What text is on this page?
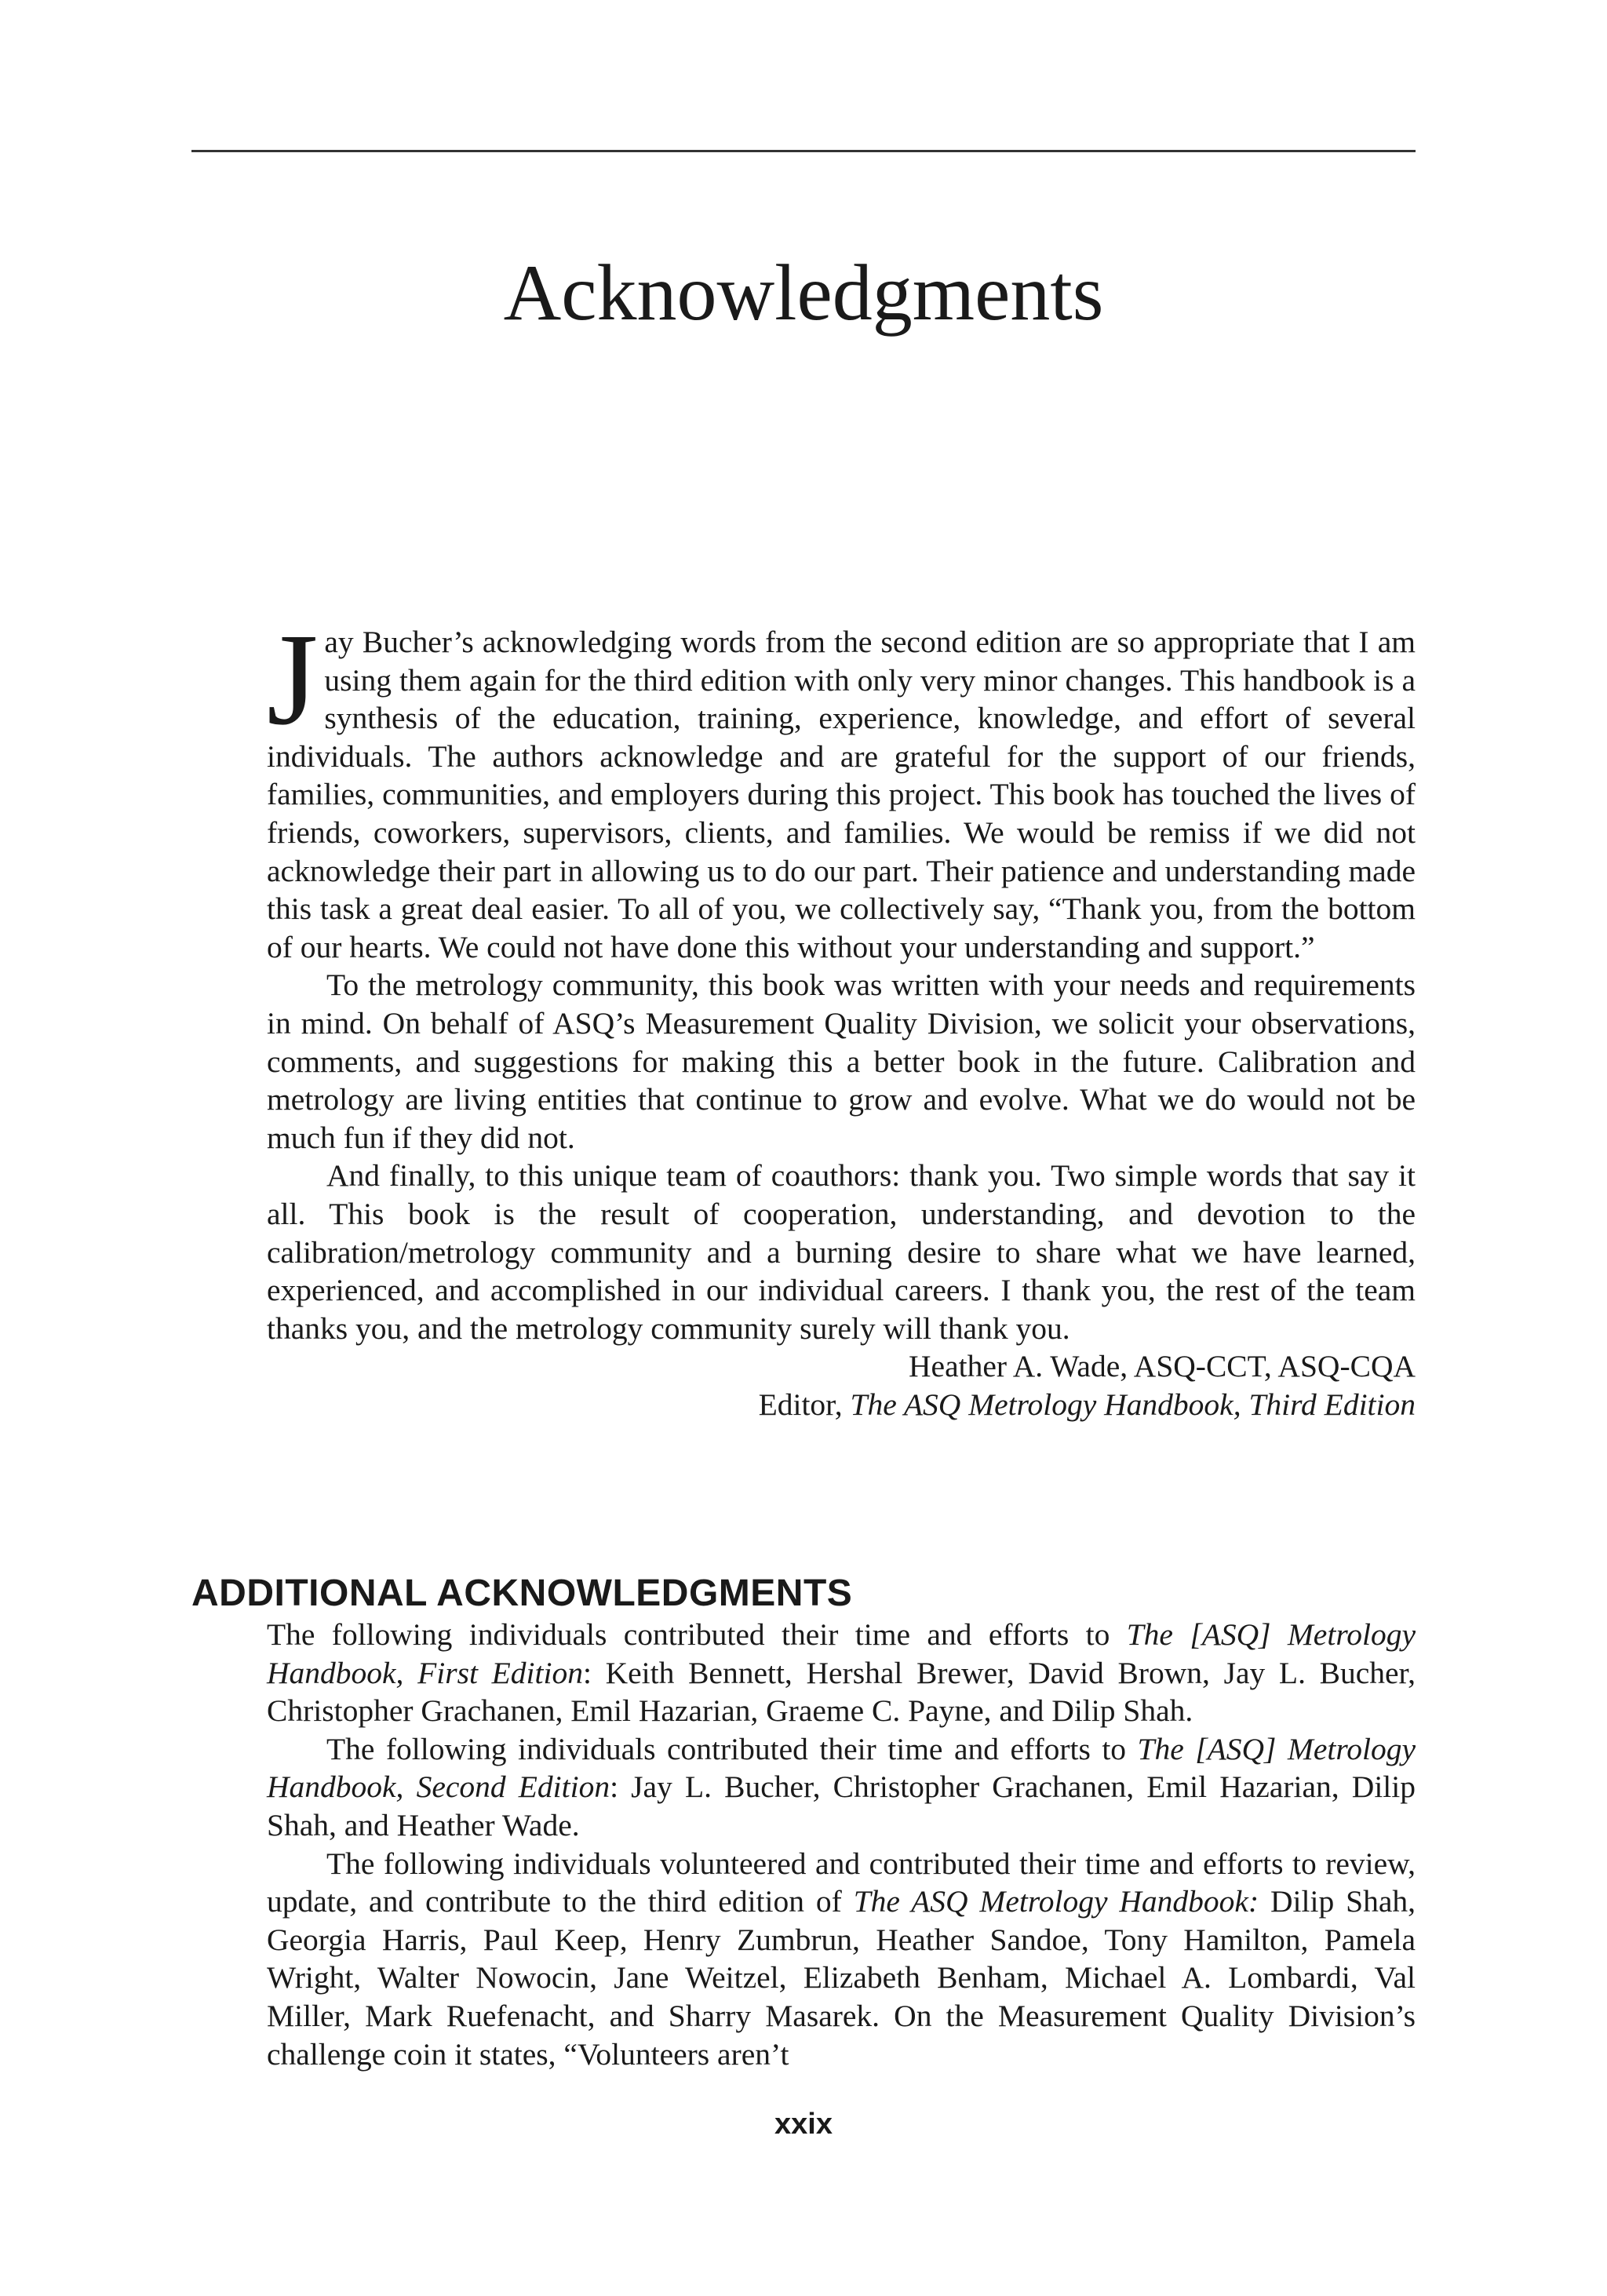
Acknowledgments

Jay Bucher’s acknowledging words from the second edition are so appropriate that I am using them again for the third edition with only very minor changes. This handbook is a synthesis of the education, training, experience, knowledge, and effort of several individuals. The authors acknowledge and are grateful for the support of our friends, families, communities, and employers during this project. This book has touched the lives of friends, coworkers, supervisors, clients, and families. We would be remiss if we did not acknowledge their part in allowing us to do our part. Their patience and understanding made this task a great deal easier. To all of you, we collectively say, “Thank you, from the bottom of our hearts. We could not have done this without your understanding and support.”

To the metrology community, this book was written with your needs and requirements in mind. On behalf of ASQ’s Measurement Quality Division, we solicit your observations, comments, and suggestions for making this a better book in the future. Calibration and metrology are living entities that continue to grow and evolve. What we do would not be much fun if they did not.

And finally, to this unique team of coauthors: thank you. Two simple words that say it all. This book is the result of cooperation, understanding, and devotion to the calibration/metrology community and a burning desire to share what we have learned, experienced, and accomplished in our individual careers. I thank you, the rest of the team thanks you, and the metrology community surely will thank you.

Heather A. Wade, ASQ-CCT, ASQ-CQA

Editor, The ASQ Metrology Handbook, Third Edition

ADDITIONAL ACKNOWLEDGMENTS

The following individuals contributed their time and efforts to The [ASQ] Metrology Handbook, First Edition: Keith Bennett, Hershal Brewer, David Brown, Jay L. Bucher, Christopher Grachanen, Emil Hazarian, Graeme C. Payne, and Dilip Shah.

The following individuals contributed their time and efforts to The [ASQ] Metrology Handbook, Second Edition: Jay L. Bucher, Christopher Grachanen, Emil Hazarian, Dilip Shah, and Heather Wade.

The following individuals volunteered and contributed their time and efforts to review, update, and contribute to the third edition of The ASQ Metrology Handbook: Dilip Shah, Georgia Harris, Paul Keep, Henry Zumbrun, Heather Sandoe, Tony Hamilton, Pamela Wright, Walter Nowocin, Jane Weitzel, Elizabeth Benham, Michael A. Lombardi, Val Miller, Mark Ruefenacht, and Sharry Masarek. On the Measurement Quality Division’s challenge coin it states, “Volunteers aren’t

xxix
